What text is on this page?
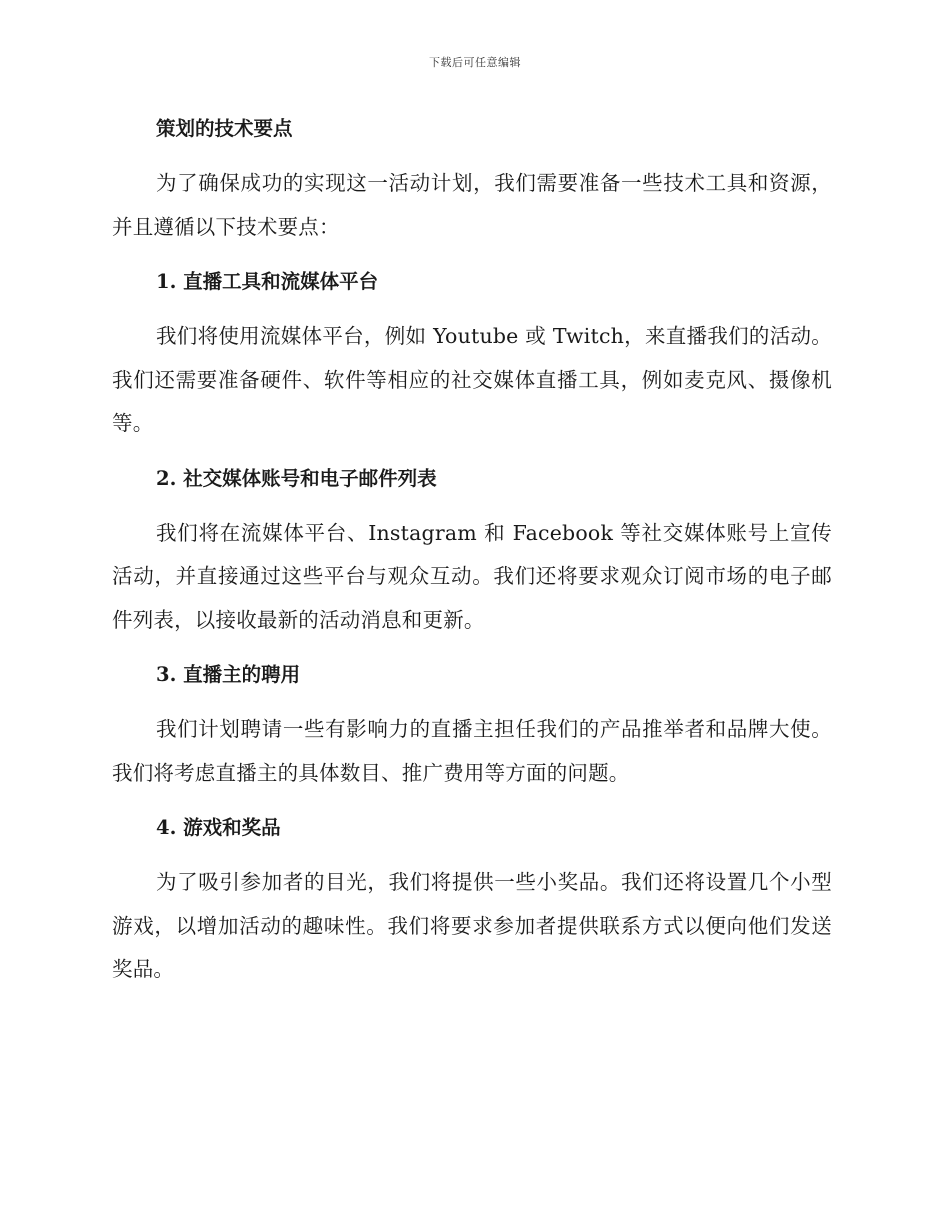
下载后可任意编辑
策划的技术要点

为了确保成功的实现这一活动计划，我们需要准备一些技术工具和资源，并且遵循以下技术要点：

1. 直播工具和流媒体平台

我们将使用流媒体平台，例如 Youtube 或 Twitch，来直播我们的活动。我们还需要准备硬件、软件等相应的社交媒体直播工具，例如麦克风、摄像机等。

2. 社交媒体账号和电子邮件列表

我们将在流媒体平台、Instagram 和 Facebook 等社交媒体账号上宣传活动，并直接通过这些平台与观众互动。我们还将要求观众订阅市场的电子邮件列表，以接收最新的活动消息和更新。

3. 直播主的聘用

我们计划聘请一些有影响力的直播主担任我们的产品推举者和品牌大使。我们将考虑直播主的具体数目、推广费用等方面的问题。

4. 游戏和奖品

为了吸引参加者的目光，我们将提供一些小奖品。我们还将设置几个小型游戏，以增加活动的趣味性。我们将要求参加者提供联系方式以便向他们发送奖品。
